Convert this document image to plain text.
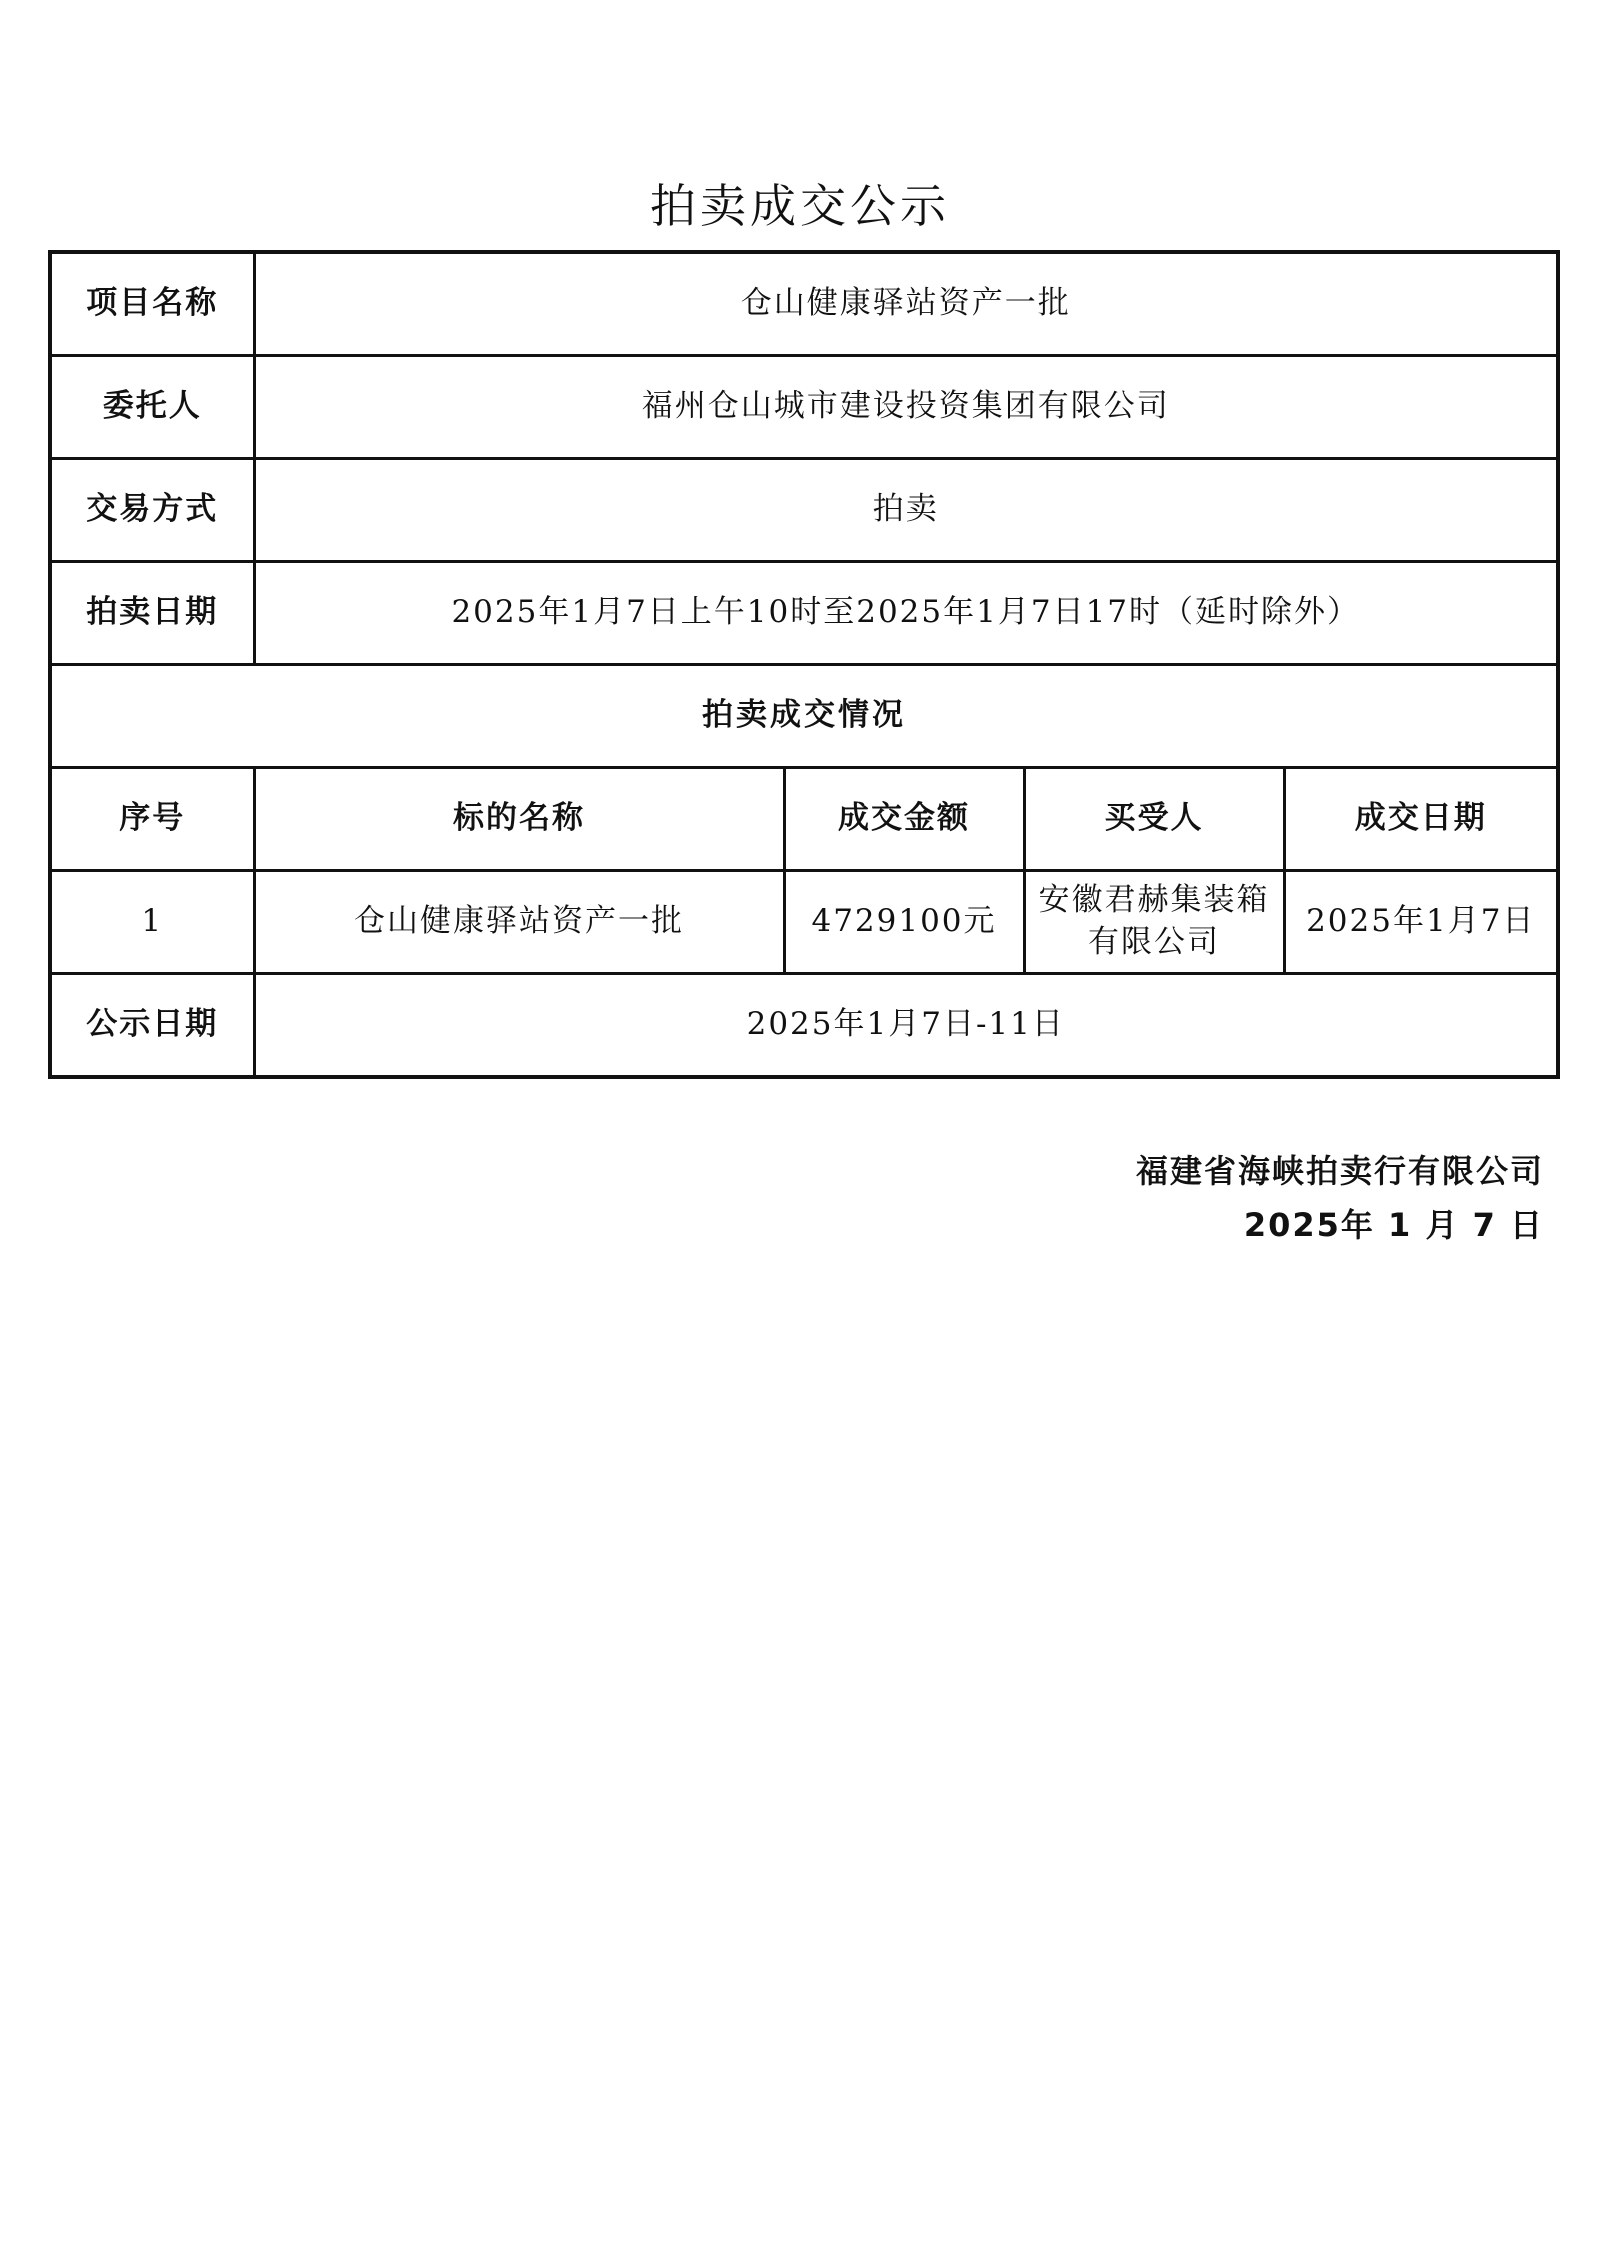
拍卖成交公示
项目名称	仓山健康驿站资产一批			
委托人	福州仓山城市建设投资集团有限公司			
交易方式	拍卖			
拍卖日期	2025年1月7日上午10时至2025年1月7日17时（延时除外）			
拍卖成交情况				
序号	标的名称	成交金额	买受人	成交日期
1	仓山健康驿站资产一批	4729100元	安徽君赫集装箱有限公司	2025年1月7日
公示日期	2025年1月7日-11日			
福建省海峡拍卖行有限公司
2025年 1 月 7 日
